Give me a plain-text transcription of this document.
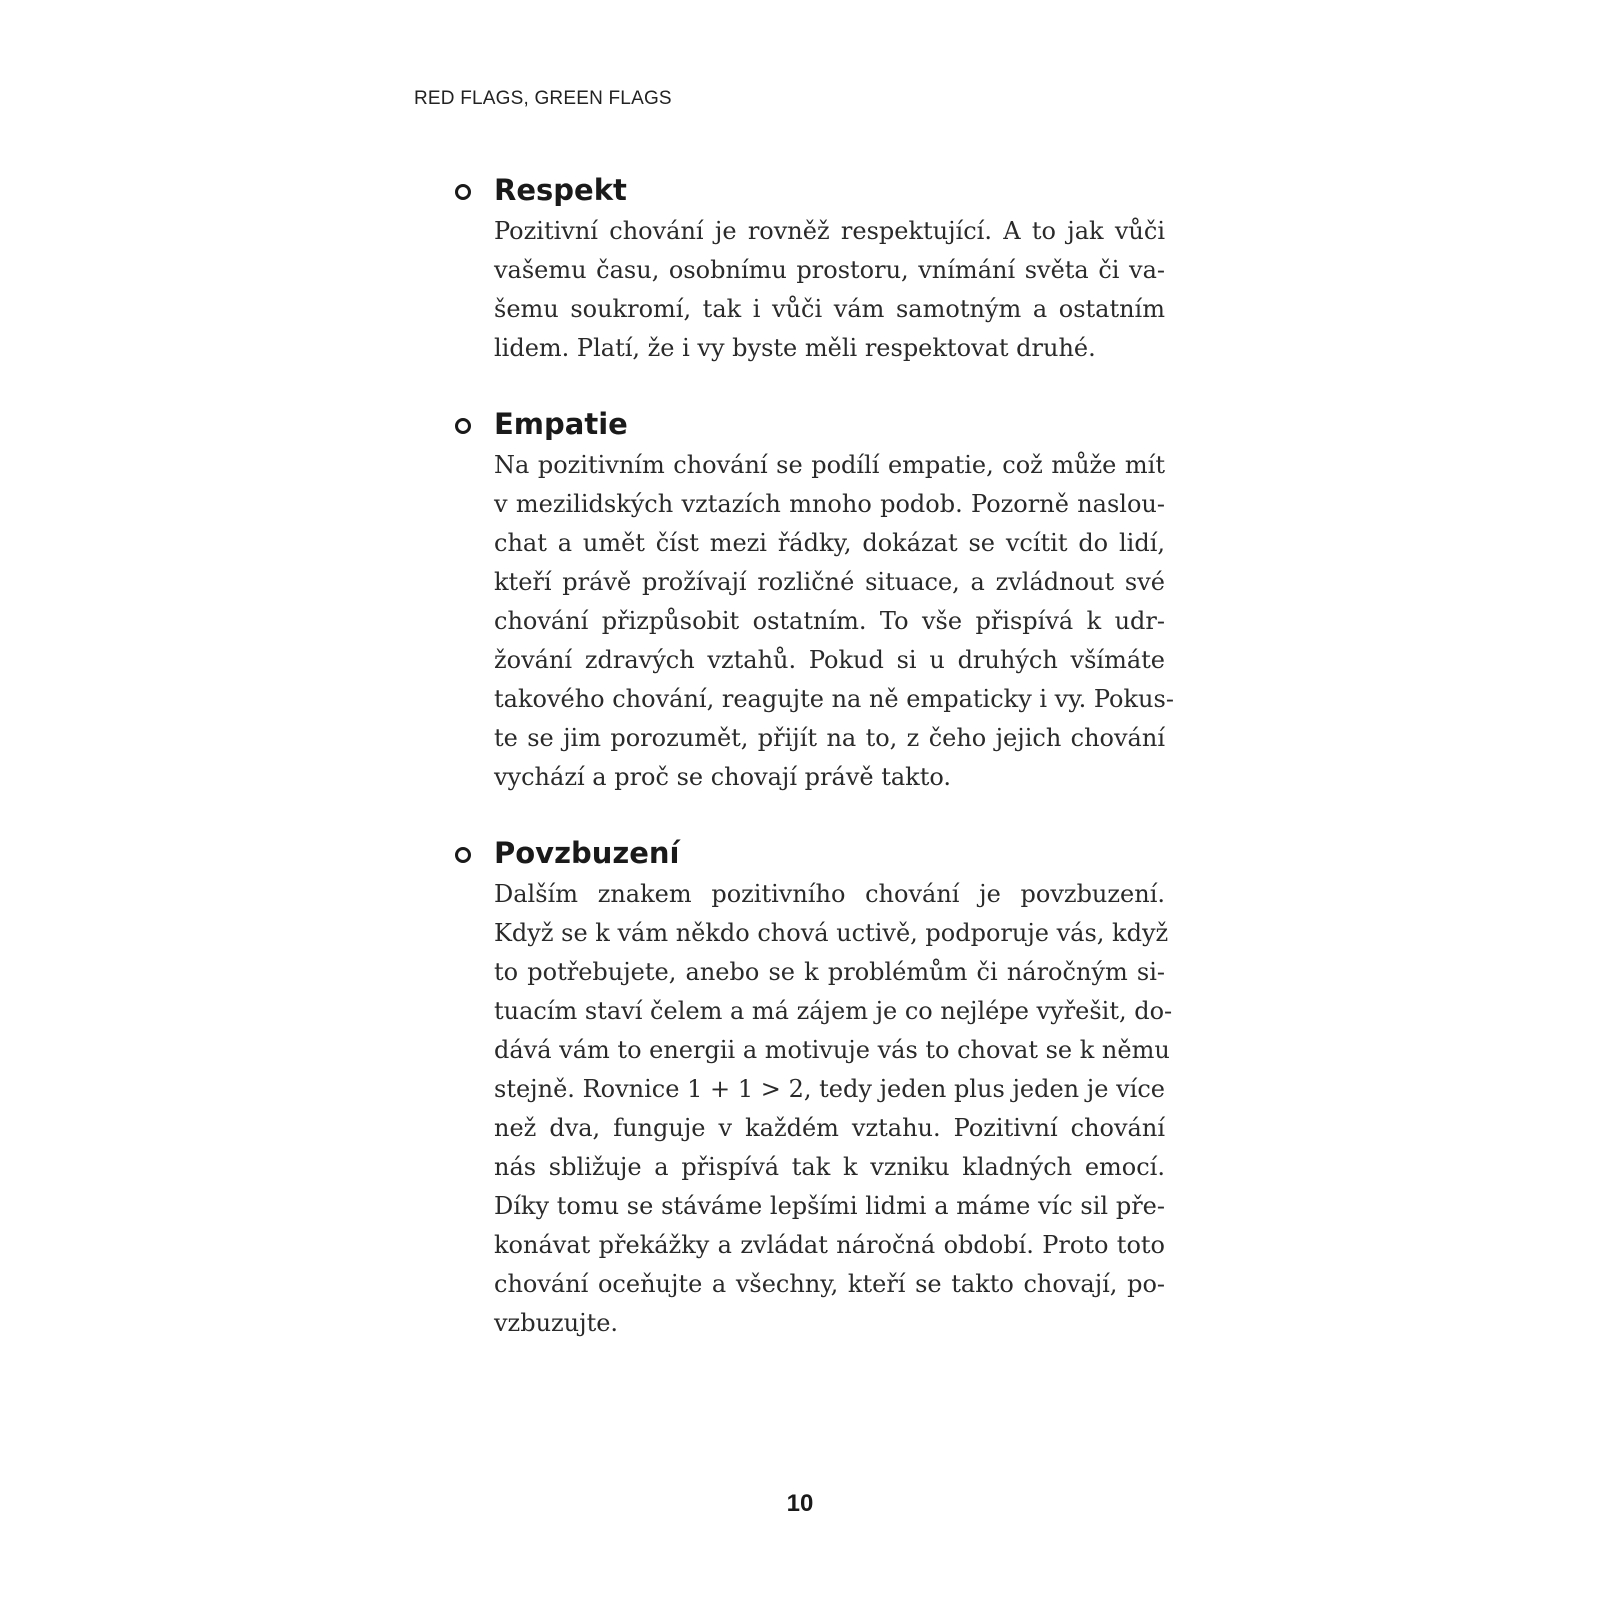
RED FLAGS, GREEN FLAGS
Respekt
Pozitivní chování je rovněž respektující. A to jak vůči
vašemu času, osobnímu prostoru, vnímání světa či va-
šemu soukromí, tak i vůči vám samotným a ostatním
lidem. Platí, že i vy byste měli respektovat druhé.
Empatie
Na pozitivním chování se podílí empatie, což může mít
v mezilidských vztazích mnoho podob. Pozorně naslou-
chat a umět číst mezi řádky, dokázat se vcítit do lidí,
kteří právě prožívají rozličné situace, a zvládnout své
chování přizpůsobit ostatním. To vše přispívá k udr-
žování zdravých vztahů. Pokud si u druhých všímáte
takového chování, reagujte na ně empaticky i vy. Pokus-
te se jim porozumět, přijít na to, z čeho jejich chování
vychází a proč se chovají právě takto.
Povzbuzení
Dalším znakem pozitivního chování je povzbuzení.
Když se k vám někdo chová uctivě, podporuje vás, když
to potřebujete, anebo se k problémům či náročným si-
tuacím staví čelem a má zájem je co nejlépe vyřešit, do-
dává vám to energii a motivuje vás to chovat se k němu
stejně. Rovnice 1 + 1 > 2, tedy jeden plus jeden je více
než dva, funguje v každém vztahu. Pozitivní chování
nás sbližuje a přispívá tak k vzniku kladných emocí.
Díky tomu se stáváme lepšími lidmi a máme víc sil pře-
konávat překážky a zvládat náročná období. Proto toto
chování oceňujte a všechny, kteří se takto chovají, po-
vzbuzujte.
10
